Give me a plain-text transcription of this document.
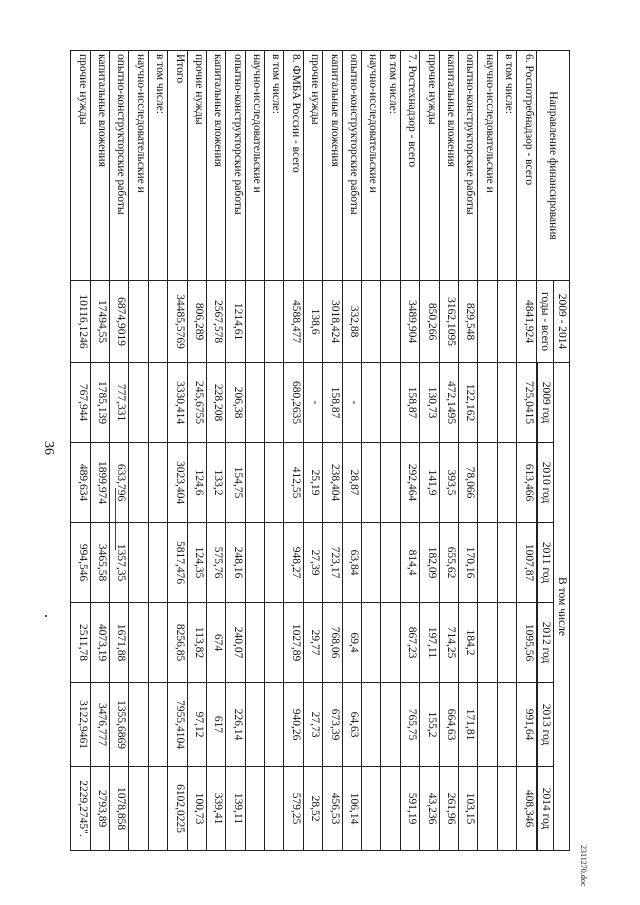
36
2311270.doc
Направление финансирования	2009 - 2014	В том числе					
	годы - всего	2009 год	2010 год	2011 год	2012 год	2013 год	2014 год

6. Роспотребнадзор - всего	4841,924	725,0415	613,466	1007,87	1095,56	991,64	408,346
в том числе:							
научно-исследовательские и							
опытно-конструкторские работы	829,548	122,162	78,066	170,16	184,2	171,81	103,15
капитальные вложения	3162,1095	472,1495	393,5	655,62	714,25	664,63	261,96
прочие нужды	850,266	130,73	141,9	182,09	197,11	155,2	43,236
7. Ростехнадзор - всего	3489,904	158,87	292,464	814,4	867,23	765,75	591,19
в том числе:							
научно-исследовательские и							
опытно-конструкторские работы	332,88	-	28,87	63,84	69,4	64,63	106,14
капитальные вложения	3018,424	158,87	238,404	723,17	768,06	673,39	456,53
прочие нужды	138,6	-	25,19	27,39	29,77	27,73	28,52
8. ФМБА России - всего	4588,477	680,2635	412,55	948,27	1027,89	940,26	579,25
в том числе:							
научно-исследовательские и							
опытно-конструкторские работы	1214,61	206,38	154,75	248,16	240,07	226,14	139,11
капитальные вложения	2567,578	228,208	133,2	575,76	674	617	339,41
прочие нужды	806,289	245,6755	124,6	124,35	113,82	97,12	100,73
Итого	34485,5769	3330,414	3023,404	5817,476	8256,85	7955,4104	6102,0225
в том числе:							
научно-исследовательские и							
опытно-конструкторские работы	6874,9019	777,331	633,796	1357,35	1671,88	1355,6869	1078,858
капитальные вложения	17494,55	1785,139	1899,974	3465,58	4073,19	3476,777	2793,89
прочие нужды	10116,1246	767,944	489,634	994,546	2511,78	3122,9461	2229,2745".
